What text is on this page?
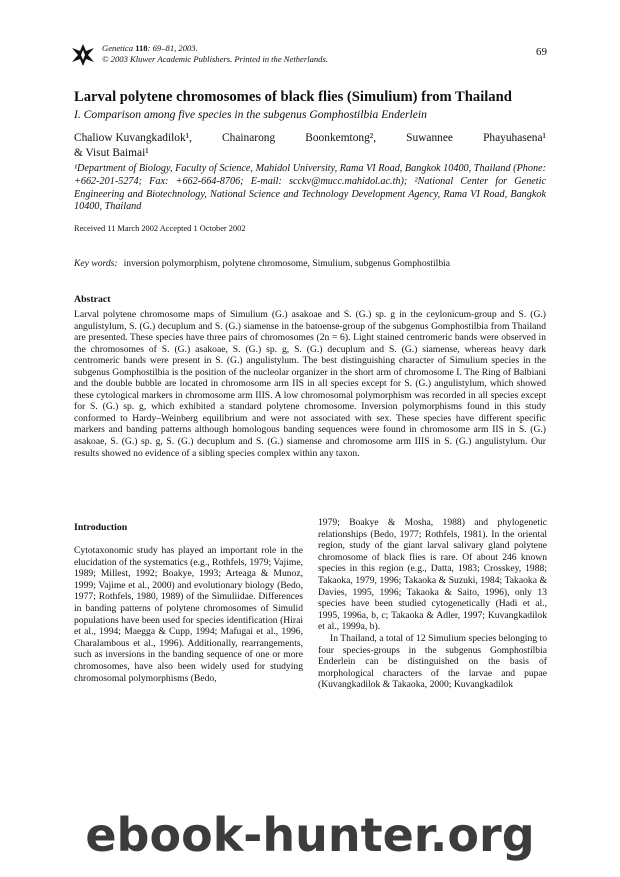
Genetica 118: 69–81, 2003.
© 2003 Kluwer Academic Publishers. Printed in the Netherlands.
69
Larval polytene chromosomes of black flies (Simulium) from Thailand
I. Comparison among five species in the subgenus Gomphostilbia Enderlein
Chaliow Kuvangkadilok¹,	Chainarong	Boonkemtong²,	Suwannee	Phayuhasena¹
& Visut Baimai¹
¹Department of Biology, Faculty of Science, Mahidol University, Rama VI Road, Bangkok 10400, Thailand (Phone: +662-201-5274; Fax: +662-664-8706; E-mail: scckv@mucc.mahidol.ac.th); ²National Center for Genetic Engineering and Biotechnology, National Science and Technology Development Agency, Rama VI Road, Bangkok 10400, Thailand
Received 11 March 2002 Accepted 1 October 2002
Key words: inversion polymorphism, polytene chromosome, Simulium, subgenus Gomphostilbia
Abstract
Larval polytene chromosome maps of Simulium (G.) asakoae and S. (G.) sp. g in the ceylonicum-group and S. (G.) angulistylum, S. (G.) decuplum and S. (G.) siamense in the batoense-group of the subgenus Gomphostilbia from Thailand are presented. These species have three pairs of chromosomes (2n = 6). Light stained centromeric bands were observed in the chromosomes of S. (G.) asakoae, S. (G.) sp. g, S. (G.) decuplum and S. (G.) siamense, whereas heavy dark centromeric bands were present in S. (G.) angulistylum. The best distinguishing character of Simulium species in the subgenus Gomphostilbia is the position of the nucleolar organizer in the short arm of chromosome I. The Ring of Balbiani and the double bubble are located in chromosome arm IIS in all species except for S. (G.) angulistylum, which showed these cytological markers in chromosome arm IIIS. A low chromosomal polymorphism was recorded in all species except for S. (G.) sp. g, which exhibited a standard polytene chromosome. Inversion polymorphisms found in this study conformed to Hardy–Weinberg equilibrium and were not associated with sex. These species have different specific markers and banding patterns although homologous banding sequences were found in chromosome arm IIS in S. (G.) asakoae, S. (G.) sp. g, S. (G.) decuplum and S. (G.) siamense and chromosome arm IIIS in S. (G.) angulistylum. Our results showed no evidence of a sibling species complex within any taxon.
Introduction

Cytotaxonomic study has played an important role in the elucidation of the systematics (e.g., Rothfels, 1979; Vajime, 1989; Millest, 1992; Boakye, 1993; Arteaga & Munoz, 1999; Vajime et al., 2000) and evolutionary biology (Bedo, 1977; Rothfels, 1980, 1989) of the Simuliidae. Differences in banding patterns of polytene chromosomes of Simulid populations have been used for species identification (Hirai et al., 1994; Maegga & Cupp, 1994; Mafugai et al., 1996, Charalambous et al., 1996). Additionally, rearrangements, such as inversions in the banding sequence of one or more chromosomes, have also been widely used for studying chromosomal polymorphisms (Bedo,

1979; Boakye & Mosha, 1988) and phylogenetic relationships (Bedo, 1977; Rothfels, 1981). In the oriental region, study of the giant larval salivary gland polytene chromosome of black flies is rare. Of about 246 known species in this region (e.g., Datta, 1983; Crosskey, 1988; Takaoka, 1979, 1996; Takaoka & Suzuki, 1984; Takaoka & Davies, 1995, 1996; Takaoka & Saito, 1996), only 13 species have been studied cytogenetically (Hadi et al., 1995, 1996a, b, c; Takaoka & Adler, 1997; Kuvangkadilok et al., 1999a, b).

In Thailand, a total of 12 Simulium species belonging to four species-groups in the subgenus Gomphostilbia Enderlein can be distinguished on the basis of morphological characters of the larvae and pupae (Kuvangkadilok & Takaoka, 2000; Kuvangkadilok

ebook-hunter.org
